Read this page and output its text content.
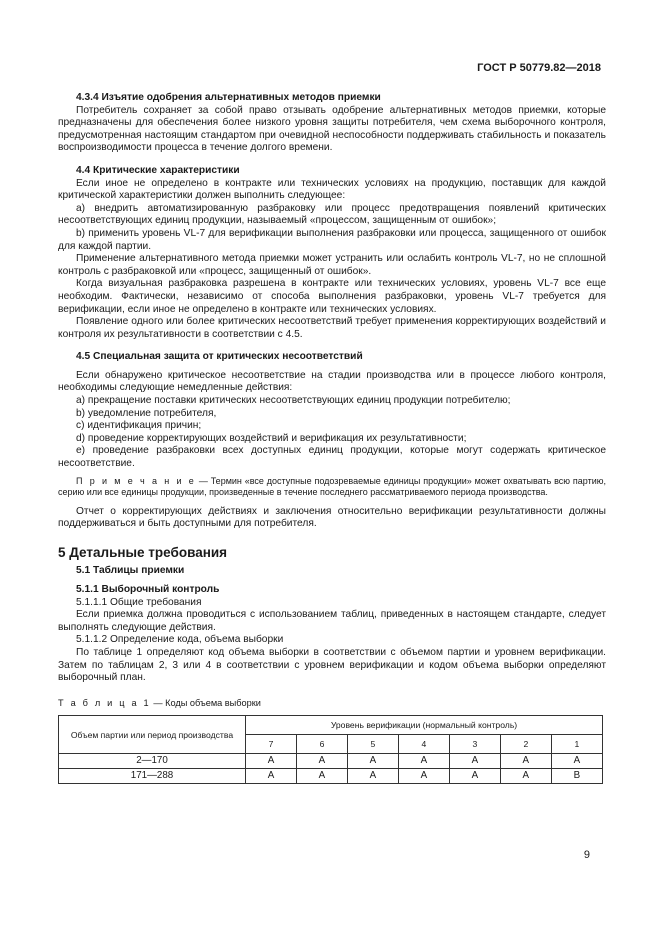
ГОСТ Р 50779.82—2018
4.3.4 Изъятие одобрения альтернативных методов приемки

Потребитель сохраняет за собой право отзывать одобрение альтернативных методов приемки, которые предназначены для обеспечения более низкого уровня защиты потребителя, чем схема выборочного контроля, предусмотренная настоящим стандартом при очевидной неспособности поддерживать стабильность и показатель воспроизводимости процесса в течение долгого времени.

4.4 Критические характеристики

Если иное не определено в контракте или технических условиях на продукцию, поставщик для каждой критической характеристики должен выполнить следующее:

а) внедрить автоматизированную разбраковку или процесс предотвращения появлений критических несоответствующих единиц продукции, называемый «процессом, защищенным от ошибок»;

b) применить уровень VL-7 для верификации выполнения разбраковки или процесса, защищенного от ошибок для каждой партии.

Применение альтернативного метода приемки может устранить или ослабить контроль VL-7, но не сплошной контроль с разбраковкой или «процесс, защищенный от ошибок».

Когда визуальная разбраковка разрешена в контракте или технических условиях, уровень VL-7 все еще необходим. Фактически, независимо от способа выполнения разбраковки, уровень VL-7 требуется для верификации, если иное не определено в контракте или технических условиях.

Появление одного или более критических несоответствий требует применения корректирующих воздействий и контроля их результативности в соответствии с 4.5.

4.5 Специальная защита от критических несоответствий

Если обнаружено критическое несоответствие на стадии производства или в процессе любого контроля, необходимы следующие немедленные действия:

а) прекращение поставки критических несоответствующих единиц продукции потребителю;

b) уведомление потребителя,

c) идентификация причин;

d) проведение корректирующих воздействий и верификация их результативности;

е) проведение разбраковки всех доступных единиц продукции, которые могут содержать критическое несоответствие.

П р и м е ч а н и е — Термин «все доступные подозреваемые единицы продукции» может охватывать всю партию, серию или все единицы продукции, произведенные в течение последнего рассматриваемого периода производства.

Отчет о корректирующих действиях и заключения относительно верификации результативности должны поддерживаться и быть доступными для потребителя.

5 Детальные требования
5.1 Таблицы приемки
5.1.1 Выборочный контроль
5.1.1.1 Общие требования

Если приемка должна проводиться с использованием таблиц, приведенных в настоящем стандарте, следует выполнять следующие действия.

5.1.1.2 Определение кода, объема выборки

По таблице 1 определяют код объема выборки в соответствии с объемом партии и уровнем верификации. Затем по таблицам 2, 3 или 4 в соответствии с уровнем верификации и кодом объема выборки определяют выборочный план.

Т а б л и ц а 1 — Коды объема выборки

Объем партии или период производства	Уровень верификации (нормальный контроль)						
	7	6	5	4	3	2	1
2—170	A	A	A	A	A	A	A
171—288	A	A	A	A	A	A	B
9
